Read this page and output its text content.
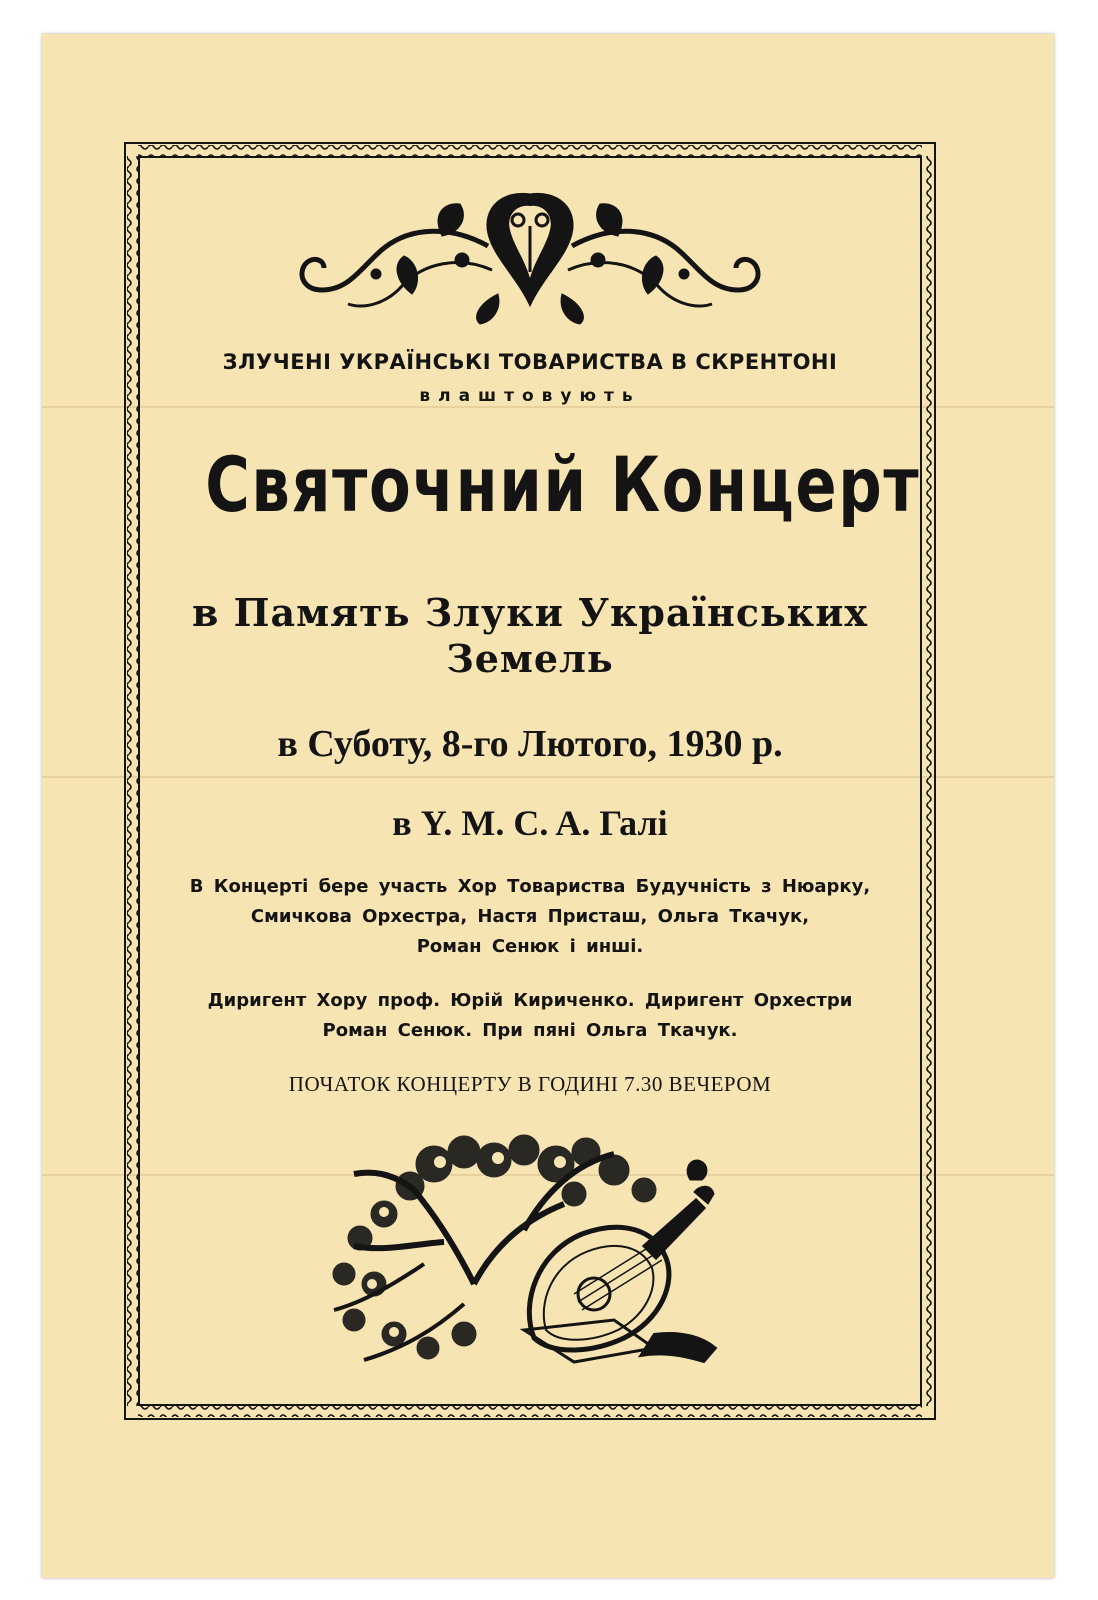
ЗЛУЧЕНІ УКРАЇНСЬКІ ТОВАРИСТВА В СКРЕНТОНІ
влаштовують
Святочний Концерт
в Память Злуки Українських
Земель
в Суботу, 8-го Лютого, 1930 р.
в Y. M. C. A. Галі
В Концерті бере участь Хор Товариства Будучність з Нюарку,
Смичкова Орхестра, Настя Присташ, Ольга Ткачук,
Роман Сенюк і инші.
Диригент Хору проф. Юрій Кириченко. Диригент Орхестри
Роман Сенюк. При пяні Ольга Ткачук.
ПОЧАТОК КОНЦЕРТУ В ГОДИНІ 7.30 ВЕЧЕРОМ
